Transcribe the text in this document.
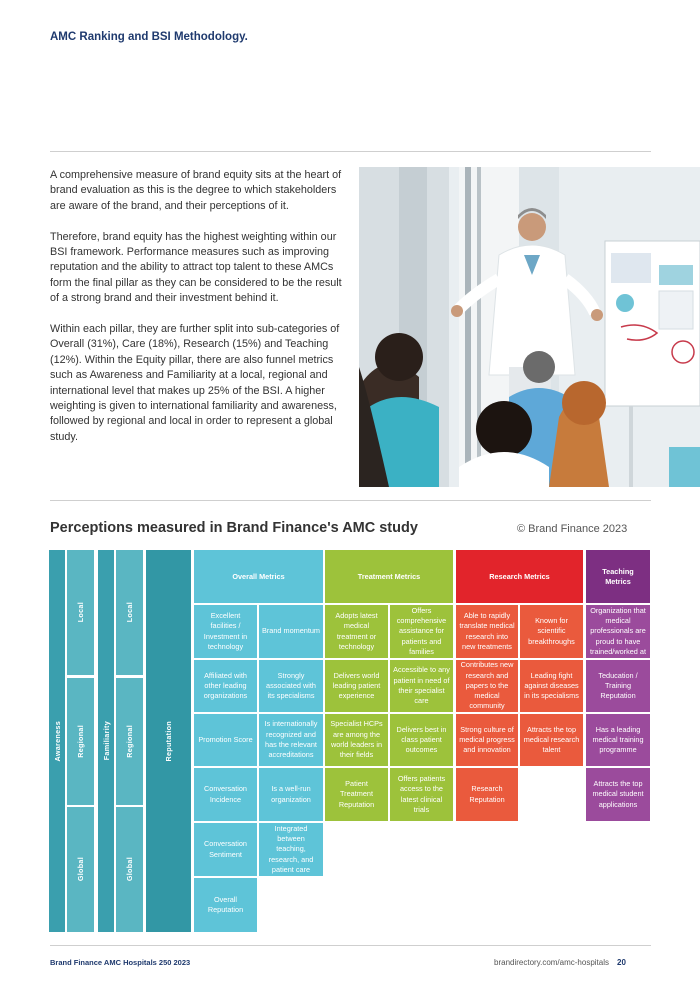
AMC Ranking and BSI Methodology.

A comprehensive measure of brand equity sits at the heart of brand evaluation as this is the degree to which stakeholders are aware of the brand, and their perceptions of it.

Therefore, brand equity has the highest weighting within our BSI framework. Performance measures such as improving reputation and the ability to attract top talent to these AMCs form the final pillar as they can be considered to be the result of a strong brand and their investment behind it.

Within each pillar, they are further split into sub-categories of Overall (31%), Care (18%), Research (15%) and Teaching (12%). Within the Equity pillar, there are also funnel metrics such as Awareness and Familiarity at a local, regional and international level that makes up 25% of the BSI. A higher weighting is given to international familiarity and awareness, followed by regional and local in order to represent a global study.

Perceptions measured in Brand Finance's AMC study	© Brand Finance 2023
Awareness
Local
Regional
Global
Familiarity
Local
Regional
Global
Reputation
Overall Metrics
Excellent facilities / Investment in technology
Affiliated with other leading organizations
Promotion Score
Conversation Incidence
Conversation Sentiment
Overall Reputation
Brand momentum
Strongly associated with its specialisms
Is internationally recognized and has the relevant accreditations
Is a well-run organization
Integrated between teaching, research, and patient care
Treatment Metrics
Adopts latest medical treatment or technology
Delivers world leading patient experience
Specialist HCPs are among the world leaders in their fields
Patient Treatment Reputation
Offers comprehensive assistance for patients and families
Accessible to any patient in need of their specialist care
Delivers best in class patient outcomes
Offers patients access to the latest clinical trials
Research Metrics
Able to rapidly translate medical research into new treatments
Contributes new research and papers to the medical community
Strong culture of medical progress and innovation
Research Reputation
Known for scientific breakthroughs
Leading fight against diseases in its specialisms
Attracts the top medical research talent
Teaching Metrics
Organization that medical professionals are proud to have trained/worked at
Teducation / Training Reputation
Has a leading medical training programme
Attracts the top medical student applications
Brand Finance AMC Hospitals 250 2023	brandirectory.com/amc-hospitals 20
